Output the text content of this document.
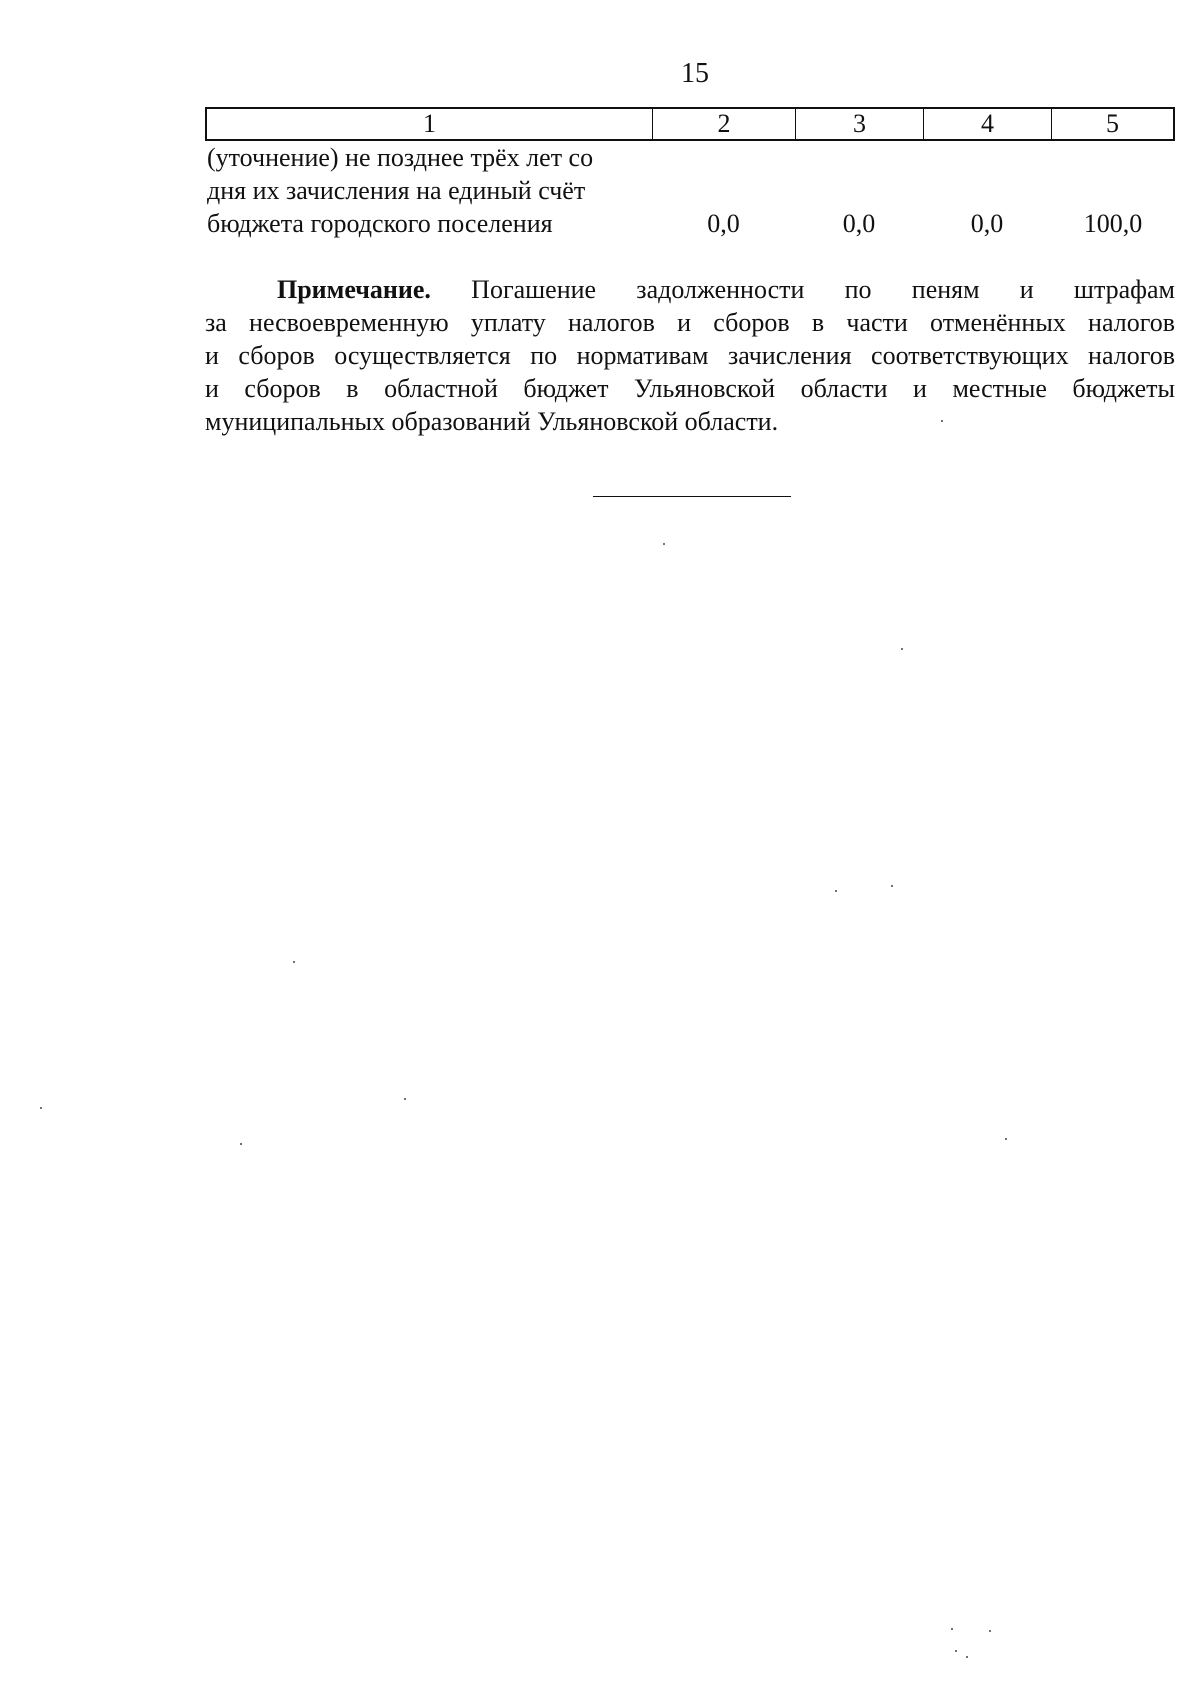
15
1	2	3	4	5
(уточнение) не позднее трёх лет со
дня их зачисления на единый счёт
бюджета городского поселения	0,0	0,0	0,0	100,0
Примечание. Погашение задолженности по пеням и штрафам
за несвоевременную уплату налогов и сборов в части отменённых налогов
и сборов осуществляется по нормативам зачисления соответствующих налогов
и сборов в областной бюджет Ульяновской области и местные бюджеты
муниципальных образований Ульяновской области.
